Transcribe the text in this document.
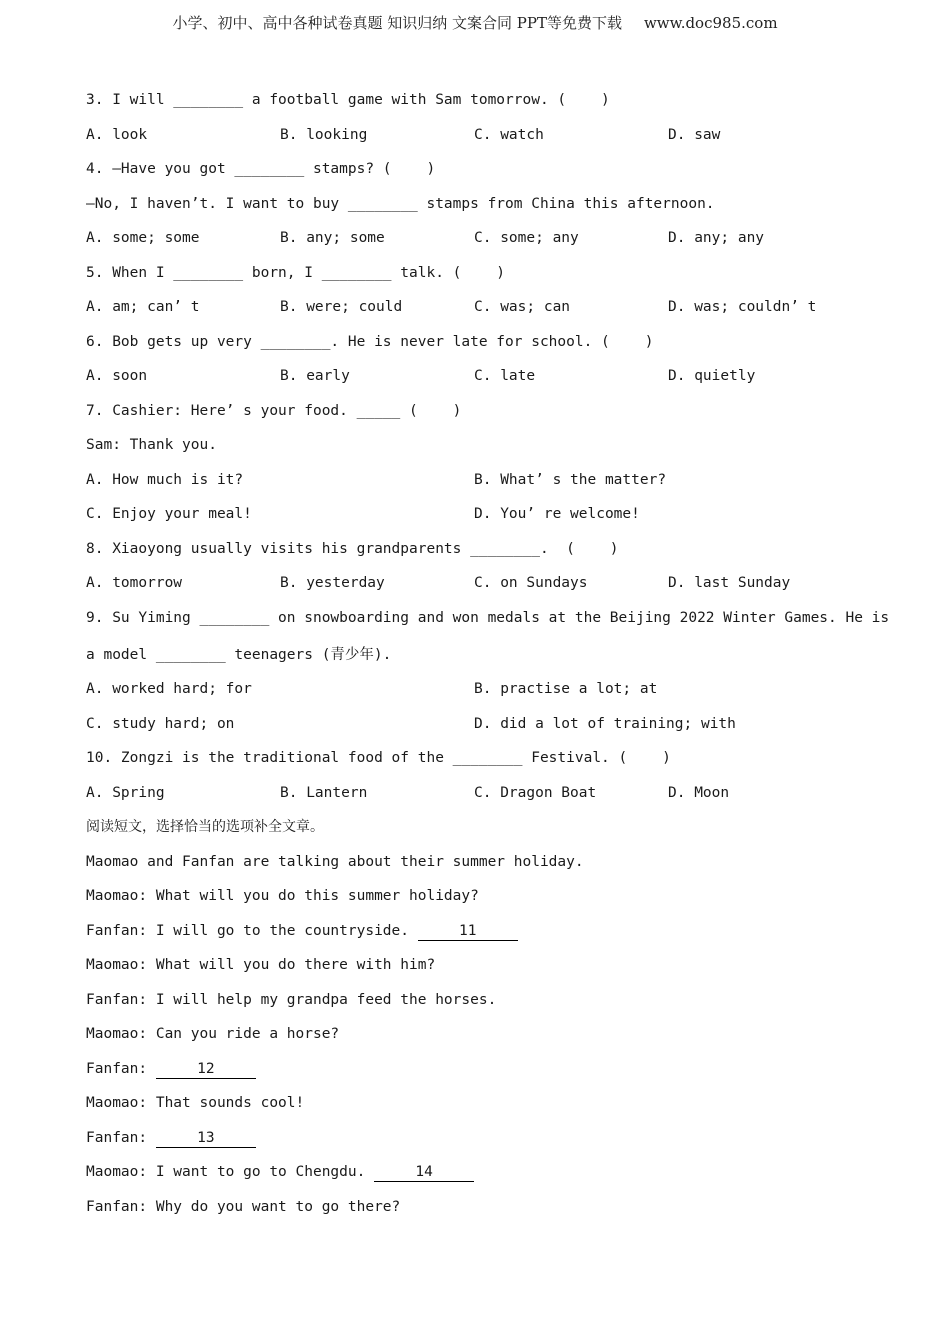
小学、初中、高中各种试卷真题 知识归纳 文案合同 PPT等免费下载 www.doc985.com
3. I will ________ a football game with Sam tomorrow. (    )
A. look	B. looking	C. watch	D. saw
4. —Have you got ________ stamps? (    )
—No, I haven’t. I want to buy ________ stamps from China this afternoon.
A. some; some	B. any; some	C. some; any	D. any; any
5. When I ________ born, I ________ talk. (    )
A. am; can’ t	B. were; could	C. was; can	D. was; couldn’ t
6. Bob gets up very ________. He is never late for school. (    )
A. soon	B. early	C. late	D. quietly
7. Cashier: Here’ s your food. _____ (    )
Sam: Thank you.
A. How much is it?	B. What’ s the matter?
C. Enjoy your meal!	D. You’ re welcome!
8. Xiaoyong usually visits his grandparents ________.  (    )
A. tomorrow	B. yesterday	C. on Sundays	D. last Sunday
9. Su Yiming ________ on snowboarding and won medals at the Beijing 2022 Winter Games. He is
a model ________ teenagers (青少年).
A. worked hard; for	B. practise a lot; at
C. study hard; on	D. did a lot of training; with
10. Zongzi is the traditional food of the ________ Festival. (    )
A. Spring	B. Lantern	C. Dragon Boat	D. Moon
阅读短文，选择恰当的选项补全文章。
Maomao and Fanfan are talking about their summer holiday.
Maomao: What will you do this summer holiday?
Fanfan: I will go to the countryside.	11
Maomao: What will you do there with him?
Fanfan: I will help my grandpa feed the horses.
Maomao: Can you ride a horse?
Fanfan:	12
Maomao: That sounds cool!
Fanfan:	13
Maomao: I want to go to Chengdu.	14
Fanfan: Why do you want to go there?
